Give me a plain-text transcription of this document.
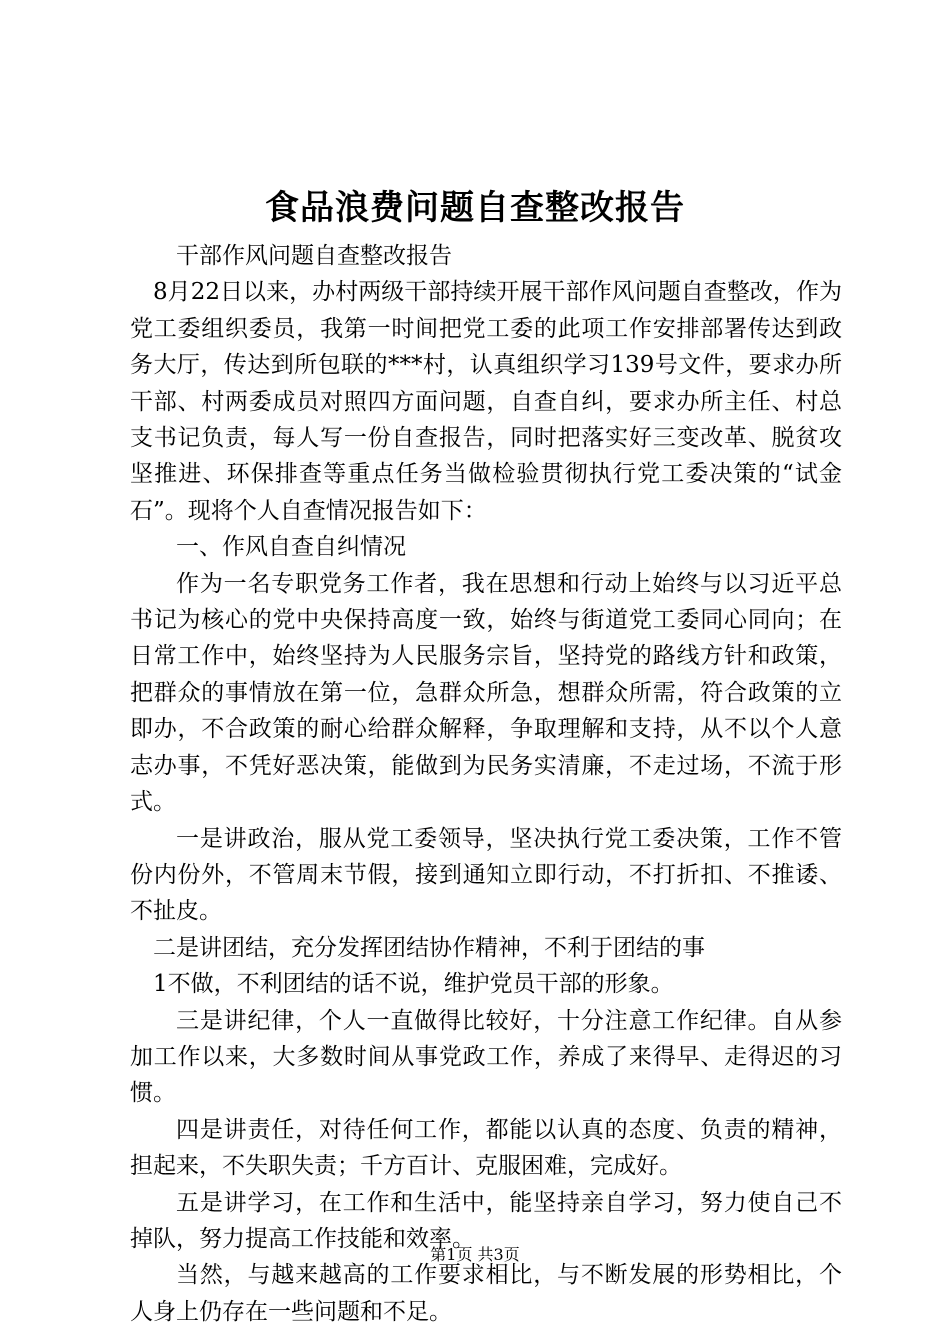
食品浪费问题自查整改报告

干部作风问题自查整改报告

8月22日以来，办村两级干部持续开展干部作风问题自查整改，作为党工委组织委员，我第一时间把党工委的此项工作安排部署传达到政务大厅，传达到所包联的***村，认真组织学习139号文件，要求办所干部、村两委成员对照四方面问题，自查自纠，要求办所主任、村总支书记负责，每人写一份自查报告，同时把落实好三变改革、脱贫攻坚推进、环保排查等重点任务当做检验贯彻执行党工委决策的“试金石”。现将个人自查情况报告如下：

一、作风自查自纠情况

作为一名专职党务工作者，我在思想和行动上始终与以习近平总书记为核心的党中央保持高度一致，始终与街道党工委同心同向；在日常工作中，始终坚持为人民服务宗旨，坚持党的路线方针和政策，把群众的事情放在第一位，急群众所急，想群众所需，符合政策的立即办，不合政策的耐心给群众解释，争取理解和支持，从不以个人意志办事，不凭好恶决策，能做到为民务实清廉，不走过场，不流于形式。

一是讲政治，服从党工委领导，坚决执行党工委决策，工作不管份内份外，不管周末节假，接到通知立即行动，不打折扣、不推诿、不扯皮。

二是讲团结，充分发挥团结协作精神，不利于团结的事

1不做，不利团结的话不说，维护党员干部的形象。

三是讲纪律，个人一直做得比较好，十分注意工作纪律。自从参加工作以来，大多数时间从事党政工作，养成了来得早、走得迟的习惯。

四是讲责任，对待任何工作，都能以认真的态度、负责的精神，担起来，不失职失责；千方百计、克服困难，完成好。

五是讲学习，在工作和生活中，能坚持亲自学习，努力使自己不掉队，努力提高工作技能和效率。

当然，与越来越高的工作要求相比，与不断发展的形势相比，个人身上仍存在一些问题和不足。

第1页 共3页
